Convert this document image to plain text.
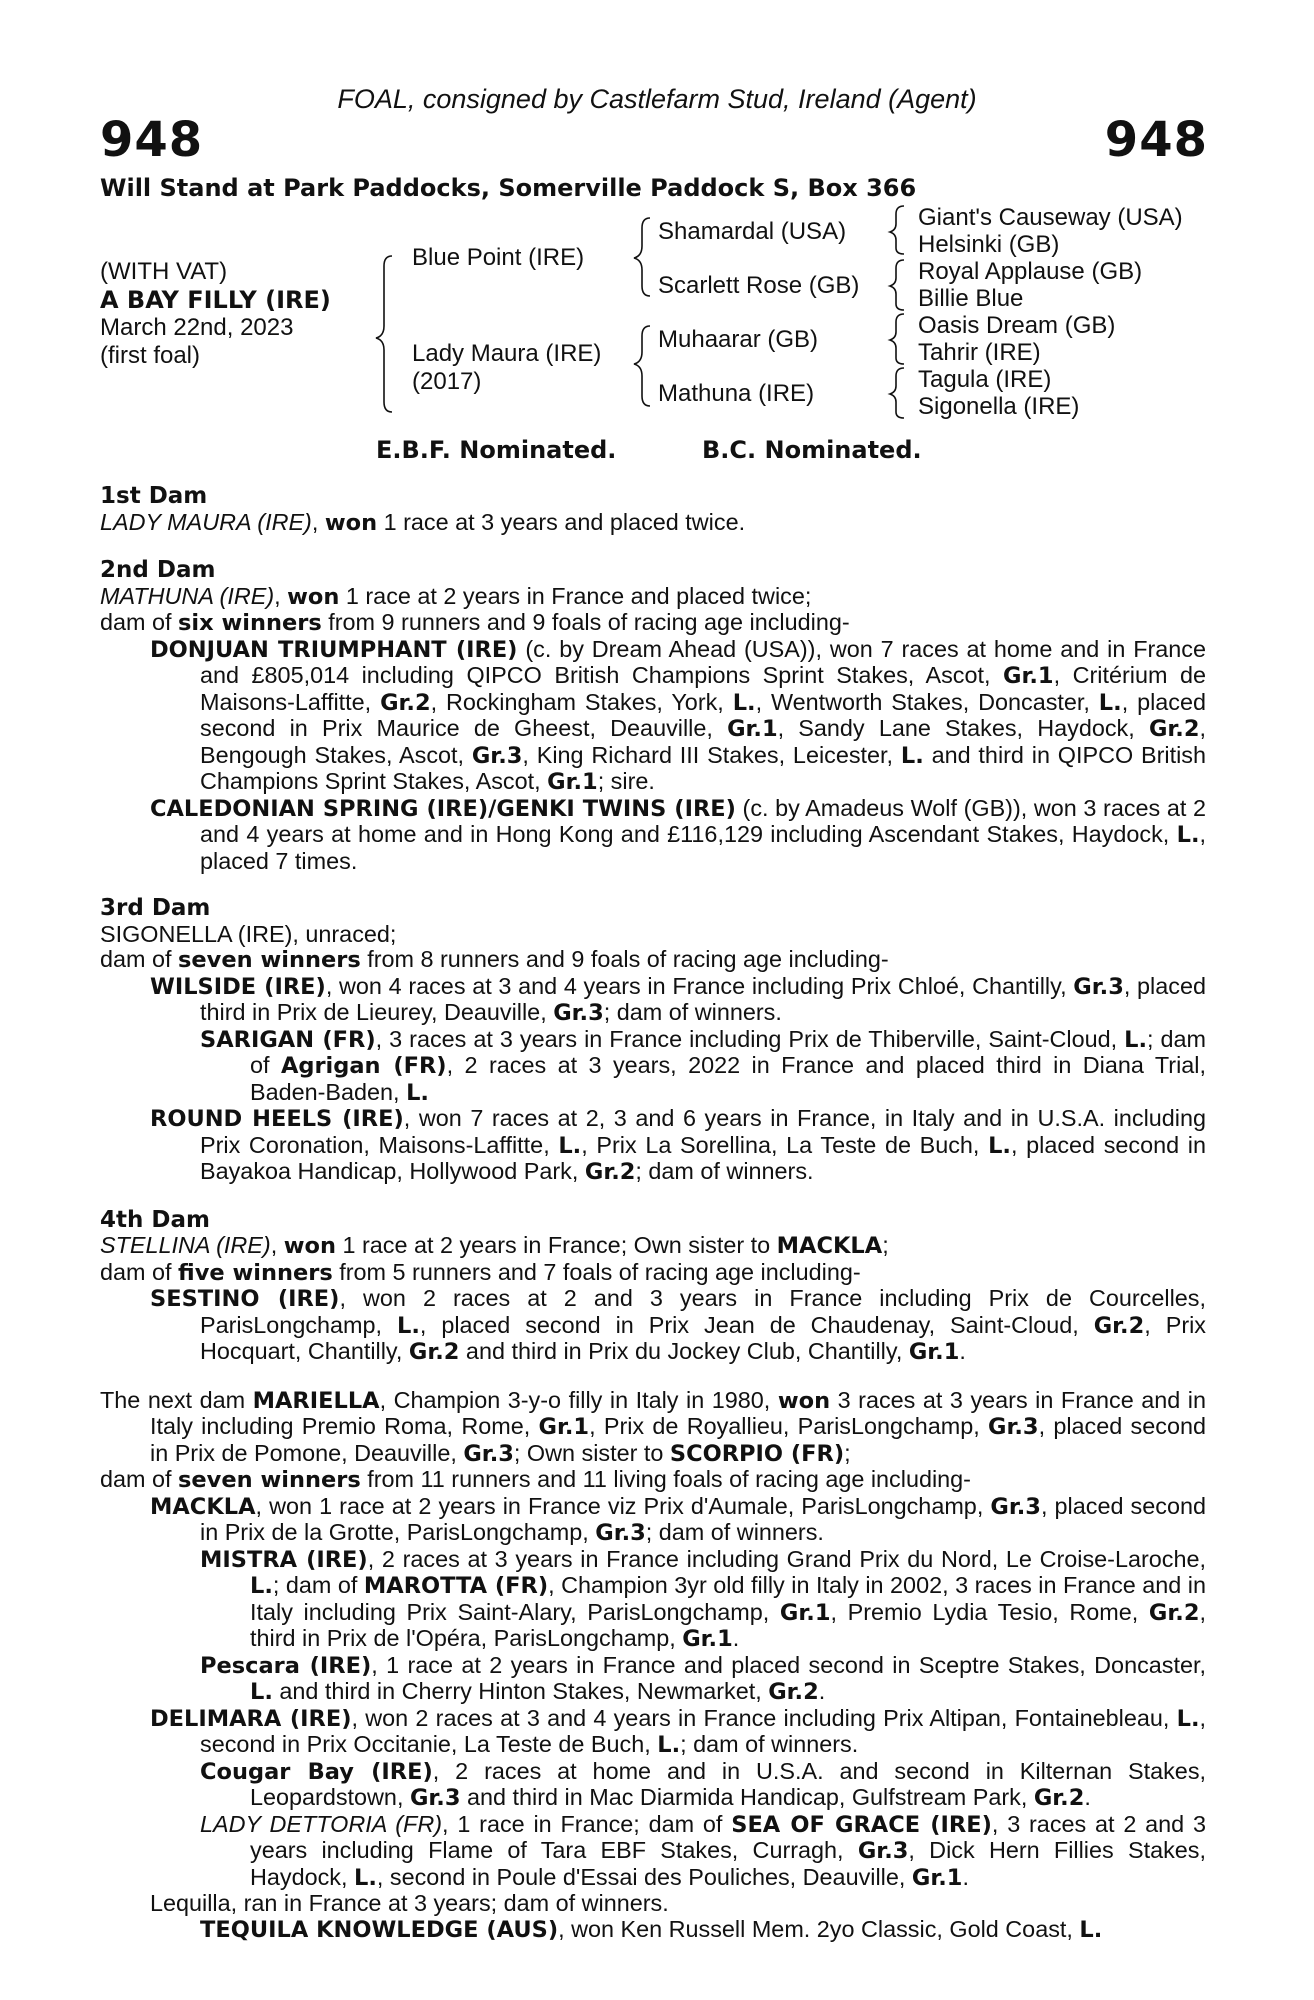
FOAL, consigned by Castlefarm Stud, Ireland (Agent)
948	948
Will Stand at Park Paddocks, Somerville Paddock S, Box 366
(WITH VAT)
A BAY FILLY (IRE)
March 22nd, 2023
(first foal)
Blue Point (IRE)
Lady Maura (IRE)
(2017)
Shamardal (USA)
Scarlett Rose (GB)
Muhaarar (GB)
Mathuna (IRE)
Giant's Causeway (USA)
Helsinki (GB)
Royal Applause (GB)
Billie Blue
Oasis Dream (GB)
Tahrir (IRE)
Tagula (IRE)
Sigonella (IRE)
E.B.F. Nominated.	B.C. Nominated.

1st Dam

LADY MAURA (IRE), won 1 race at 3 years and placed twice.

2nd Dam

MATHUNA (IRE), won 1 race at 2 years in France and placed twice;

dam of six winners from 9 runners and 9 foals of racing age including-

DONJUAN TRIUMPHANT (IRE) (c. by Dream Ahead (USA)), won 7 races at home and in France and £805,014 including QIPCO British Champions Sprint Stakes, Ascot, Gr.1, Critérium de Maisons-Laffitte, Gr.2, Rockingham Stakes, York, L., Wentworth Stakes, Doncaster, L., placed second in Prix Maurice de Gheest, Deauville, Gr.1, Sandy Lane Stakes, Haydock, Gr.2, Bengough Stakes, Ascot, Gr.3, King Richard III Stakes, Leicester, L. and third in QIPCO British Champions Sprint Stakes, Ascot, Gr.1; sire.

CALEDONIAN SPRING (IRE)/GENKI TWINS (IRE) (c. by Amadeus Wolf (GB)), won 3 races at 2 and 4 years at home and in Hong Kong and £116,129 including Ascendant Stakes, Haydock, L., placed 7 times.

3rd Dam

SIGONELLA (IRE), unraced;

dam of seven winners from 8 runners and 9 foals of racing age including-

WILSIDE (IRE), won 4 races at 3 and 4 years in France including Prix Chloé, Chantilly, Gr.3, placed third in Prix de Lieurey, Deauville, Gr.3; dam of winners.

SARIGAN (FR), 3 races at 3 years in France including Prix de Thiberville, Saint-Cloud, L.; dam of Agrigan (FR), 2 races at 3 years, 2022 in France and placed third in Diana Trial, Baden-Baden, L.

ROUND HEELS (IRE), won 7 races at 2, 3 and 6 years in France, in Italy and in U.S.A. including Prix Coronation, Maisons-Laffitte, L., Prix La Sorellina, La Teste de Buch, L., placed second in Bayakoa Handicap, Hollywood Park, Gr.2; dam of winners.

4th Dam

STELLINA (IRE), won 1 race at 2 years in France; Own sister to MACKLA;

dam of five winners from 5 runners and 7 foals of racing age including-

SESTINO (IRE), won 2 races at 2 and 3 years in France including Prix de Courcelles, ParisLongchamp, L., placed second in Prix Jean de Chaudenay, Saint-Cloud, Gr.2, Prix Hocquart, Chantilly, Gr.2 and third in Prix du Jockey Club, Chantilly, Gr.1.

The next dam MARIELLA, Champion 3-y-o filly in Italy in 1980, won 3 races at 3 years in France and in Italy including Premio Roma, Rome, Gr.1, Prix de Royallieu, ParisLongchamp, Gr.3, placed second in Prix de Pomone, Deauville, Gr.3; Own sister to SCORPIO (FR);

dam of seven winners from 11 runners and 11 living foals of racing age including-

MACKLA, won 1 race at 2 years in France viz Prix d'Aumale, ParisLongchamp, Gr.3, placed second in Prix de la Grotte, ParisLongchamp, Gr.3; dam of winners.

MISTRA (IRE), 2 races at 3 years in France including Grand Prix du Nord, Le Croise-Laroche, L.; dam of MAROTTA (FR), Champion 3yr old filly in Italy in 2002, 3 races in France and in Italy including Prix Saint-Alary, ParisLongchamp, Gr.1, Premio Lydia Tesio, Rome, Gr.2, third in Prix de l'Opéra, ParisLongchamp, Gr.1.

Pescara (IRE), 1 race at 2 years in France and placed second in Sceptre Stakes, Doncaster, L. and third in Cherry Hinton Stakes, Newmarket, Gr.2.

DELIMARA (IRE), won 2 races at 3 and 4 years in France including Prix Altipan, Fontainebleau, L., second in Prix Occitanie, La Teste de Buch, L.; dam of winners.

Cougar Bay (IRE), 2 races at home and in U.S.A. and second in Kilternan Stakes, Leopardstown, Gr.3 and third in Mac Diarmida Handicap, Gulfstream Park, Gr.2.

LADY DETTORIA (FR), 1 race in France; dam of SEA OF GRACE (IRE), 3 races at 2 and 3 years including Flame of Tara EBF Stakes, Curragh, Gr.3, Dick Hern Fillies Stakes, Haydock, L., second in Poule d'Essai des Pouliches, Deauville, Gr.1.

Lequilla, ran in France at 3 years; dam of winners.

TEQUILA KNOWLEDGE (AUS), won Ken Russell Mem. 2yo Classic, Gold Coast, L.
